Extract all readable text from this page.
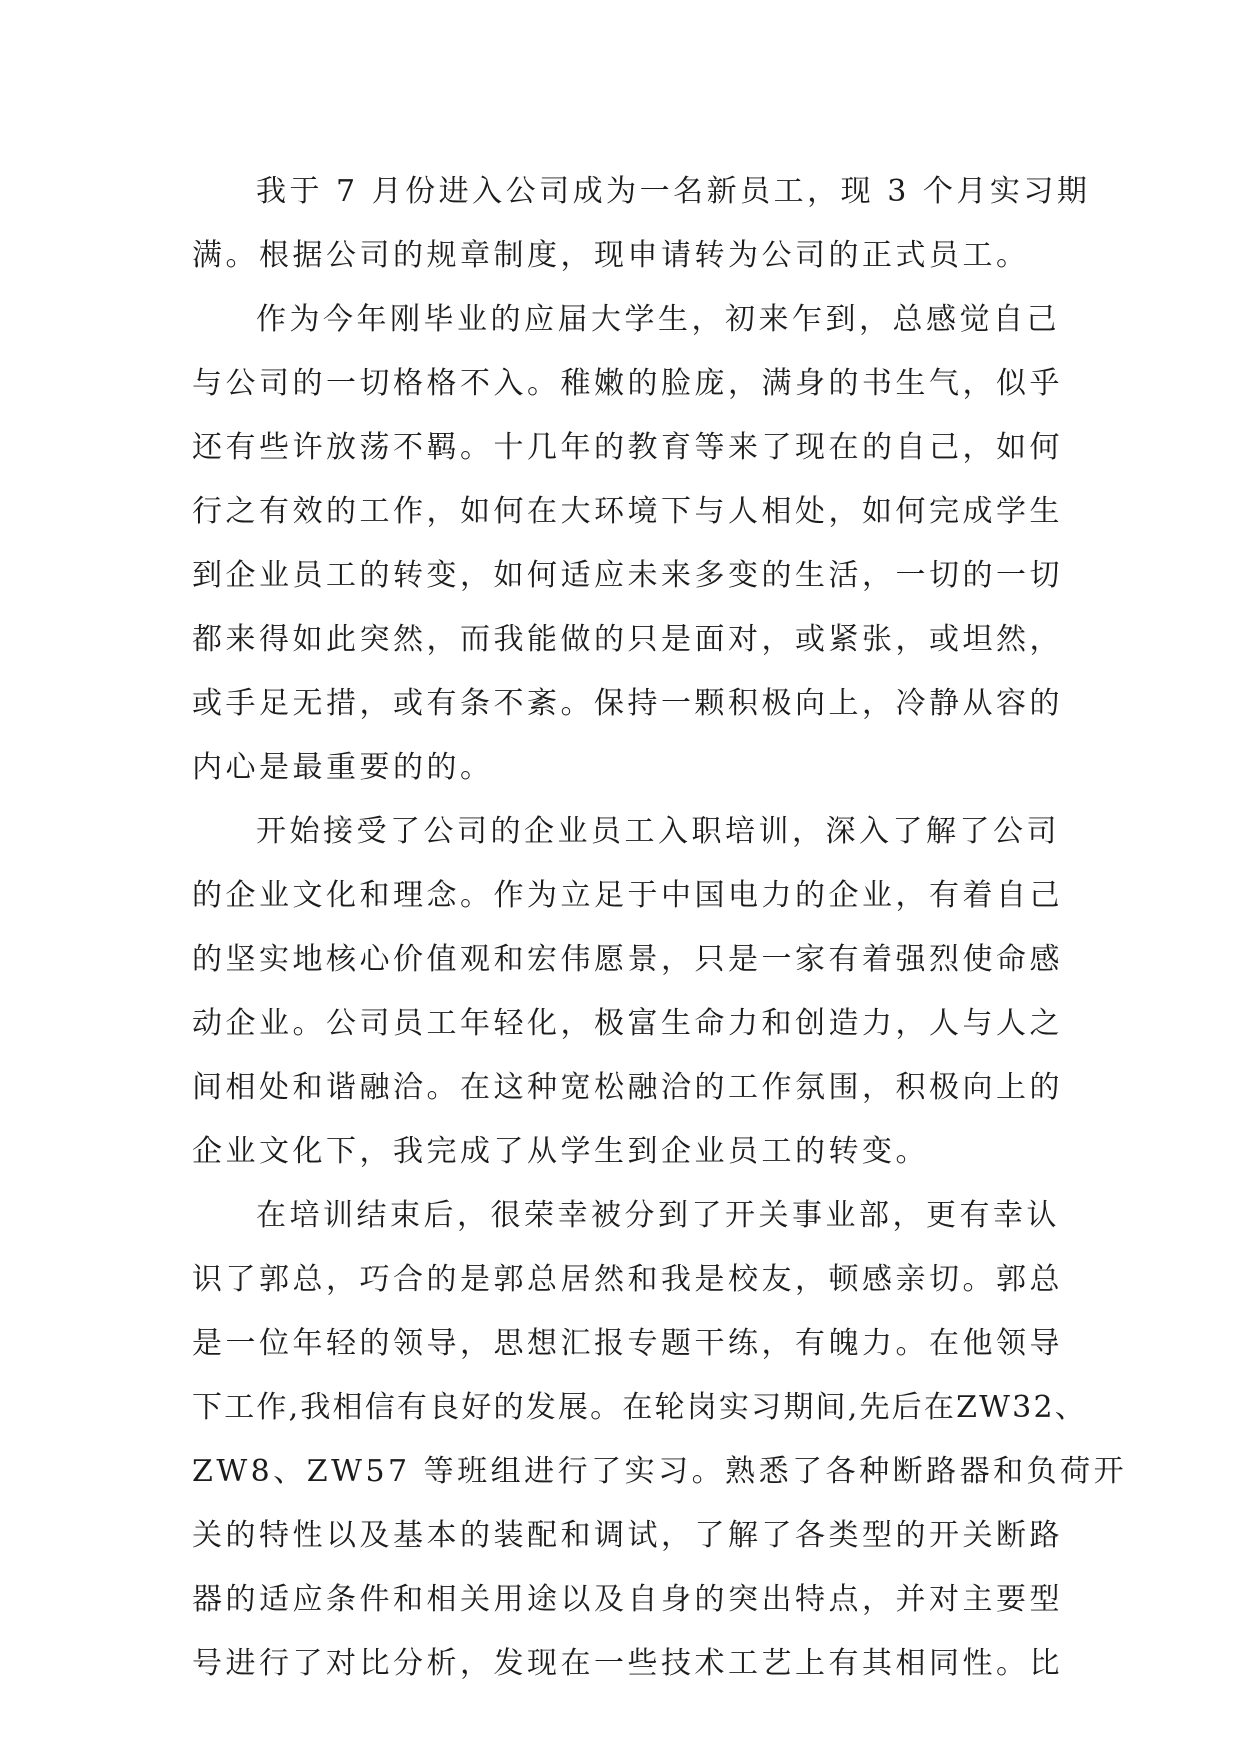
我于 7 月份进入公司成为一名新员工，现 3 个月实习期
满。根据公司的规章制度，现申请转为公司的正式员工。
作为今年刚毕业的应届大学生，初来乍到，总感觉自己
与公司的一切格格不入。稚嫩的脸庞，满身的书生气，似乎
还有些许放荡不羁。十几年的教育等来了现在的自己，如何
行之有效的工作，如何在大环境下与人相处，如何完成学生
到企业员工的转变，如何适应未来多变的生活，一切的一切
都来得如此突然，而我能做的只是面对，或紧张，或坦然，
或手足无措，或有条不紊。保持一颗积极向上，冷静从容的
内心是最重要的的。
开始接受了公司的企业员工入职培训，深入了解了公司
的企业文化和理念。作为立足于中国电力的企业，有着自己
的坚实地核心价值观和宏伟愿景，只是一家有着强烈使命感
动企业。公司员工年轻化，极富生命力和创造力，人与人之
间相处和谐融洽。在这种宽松融洽的工作氛围，积极向上的
企业文化下，我完成了从学生到企业员工的转变。
在培训结束后，很荣幸被分到了开关事业部，更有幸认
识了郭总，巧合的是郭总居然和我是校友，顿感亲切。郭总
是一位年轻的领导，思想汇报专题干练，有魄力。在他领导
下工作,我相信有良好的发展。在轮岗实习期间,先后在ZW32、
ZW8、ZW57 等班组进行了实习。熟悉了各种断路器和负荷开
关的特性以及基本的装配和调试，了解了各类型的开关断路
器的适应条件和相关用途以及自身的突出特点，并对主要型
号进行了对比分析，发现在一些技术工艺上有其相同性。比
